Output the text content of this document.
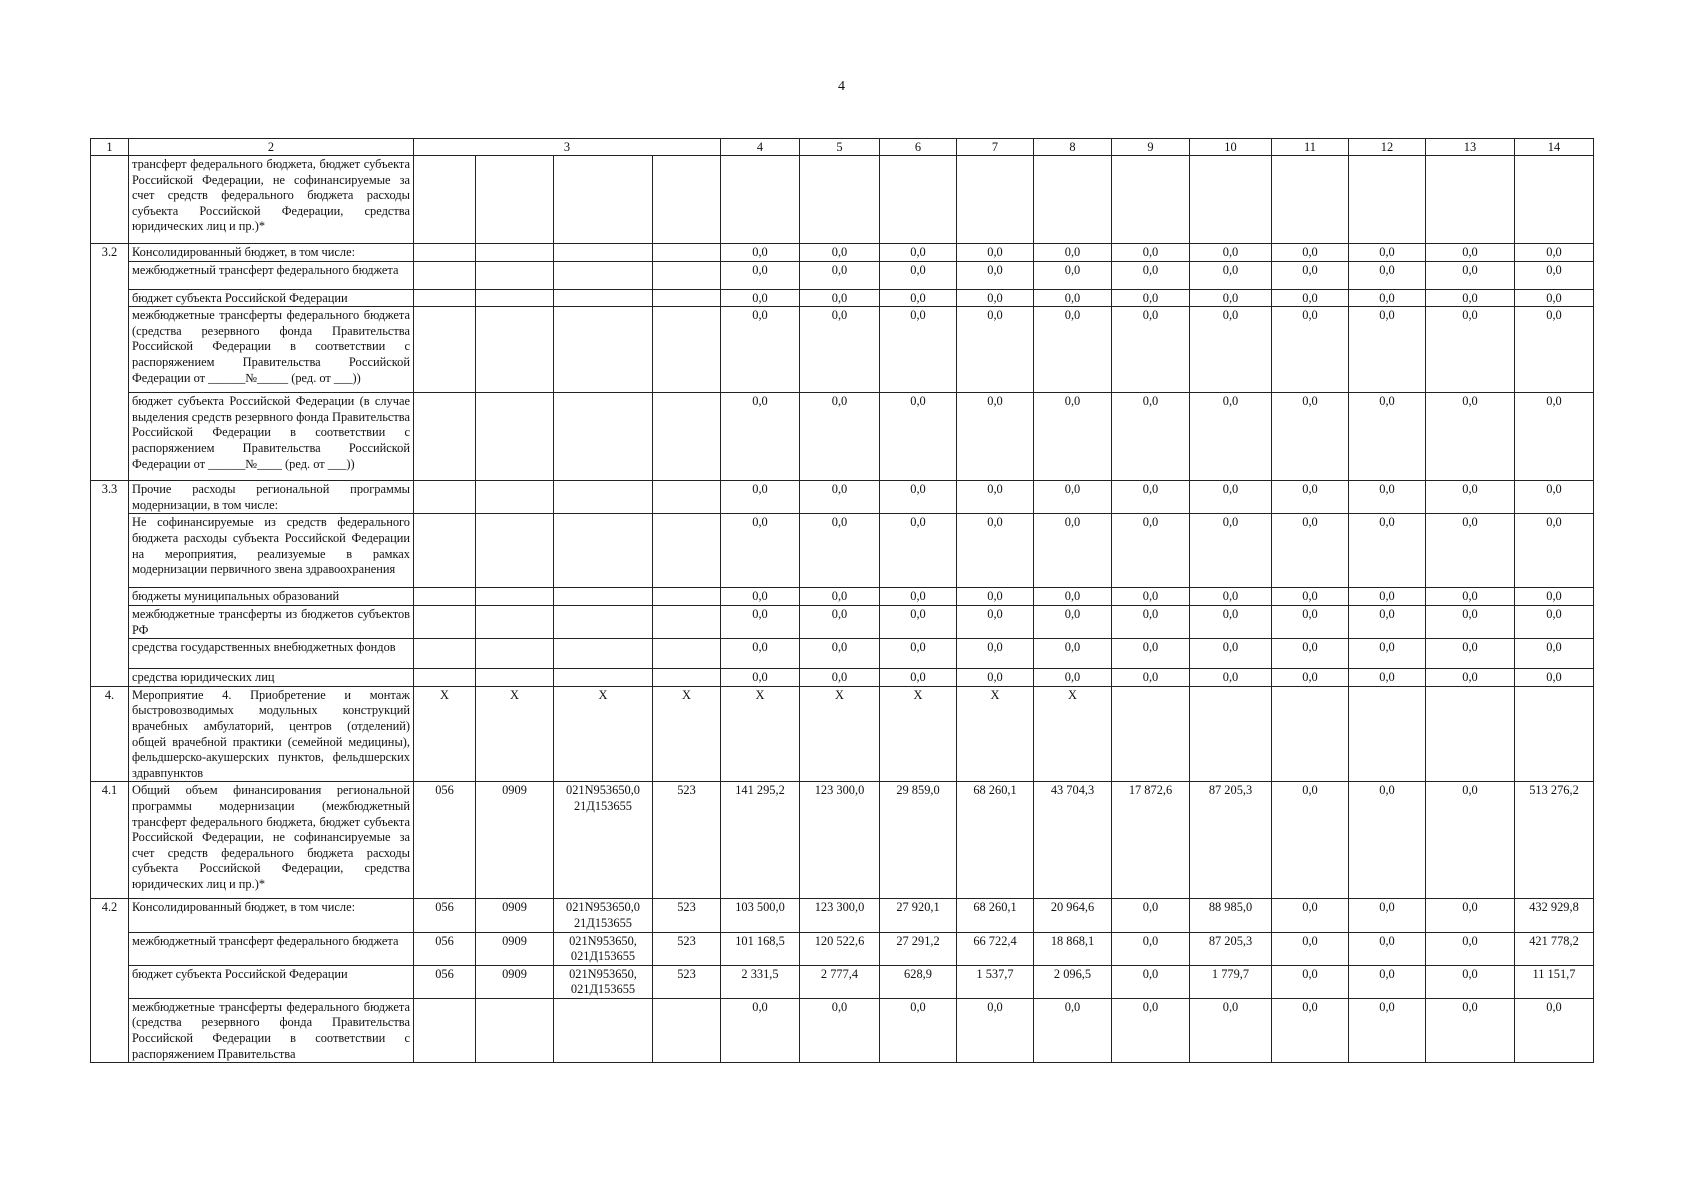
4
1	2	3				4	5	6	7	8	9	10	11	12	13	14
	трансферт федерального бюджета, бюджет субъекта Российской Федерации, не софинансируемые за счет средств федерального бюджета расходы субъекта Российской Федерации, средства юридических лиц и пр.)*															
3.2	Консолидированный бюджет, в том числе:					0,0	0,0	0,0	0,0	0,0	0,0	0,0	0,0	0,0	0,0	0,0
	межбюджетный трансферт федерального бюджета					0,0	0,0	0,0	0,0	0,0	0,0	0,0	0,0	0,0	0,0	0,0
	бюджет субъекта Российской Федерации					0,0	0,0	0,0	0,0	0,0	0,0	0,0	0,0	0,0	0,0	0,0
	межбюджетные трансферты федерального бюджета (средства резервного фонда Правительства Российской Федерации в соответствии с распоряжением Правительства Российской Федерации от ______№_____ (ред. от ___))					0,0	0,0	0,0	0,0	0,0	0,0	0,0	0,0	0,0	0,0	0,0
	бюджет субъекта Российской Федерации (в случае выделения средств резервного фонда Правительства Российской Федерации в соответствии с распоряжением Правительства Российской Федерации от ______№____ (ред. от ___))					0,0	0,0	0,0	0,0	0,0	0,0	0,0	0,0	0,0	0,0	0,0
3.3	Прочие расходы региональной программы модернизации, в том числе:					0,0	0,0	0,0	0,0	0,0	0,0	0,0	0,0	0,0	0,0	0,0
	Не софинансируемые из средств федерального бюджета расходы субъекта Российской Федерации на мероприятия, реализуемые в рамках модернизации первичного звена здравоохранения					0,0	0,0	0,0	0,0	0,0	0,0	0,0	0,0	0,0	0,0	0,0
	бюджеты муниципальных образований					0,0	0,0	0,0	0,0	0,0	0,0	0,0	0,0	0,0	0,0	0,0
	межбюджетные трансферты из бюджетов субъектов РФ					0,0	0,0	0,0	0,0	0,0	0,0	0,0	0,0	0,0	0,0	0,0
	средства государственных внебюджетных фондов					0,0	0,0	0,0	0,0	0,0	0,0	0,0	0,0	0,0	0,0	0,0
	средства юридических лиц					0,0	0,0	0,0	0,0	0,0	0,0	0,0	0,0	0,0	0,0	0,0
4.	Мероприятие 4. Приобретение и монтаж быстровозводимых модульных конструкций врачебных амбулаторий, центров (отделений) общей врачебной практики (семейной медицины), фельдшерско-акушерских пунктов, фельдшерских здравпунктов	X	X	X	X	X	X	X	X	X						
4.1	Общий объем финансирования региональной программы модернизации (межбюджетный трансферт федерального бюджета, бюджет субъекта Российской Федерации, не софинансируемые за счет средств федерального бюджета расходы субъекта Российской Федерации, средства юридических лиц и пр.)*	056	0909	021N953650,0 21Д153655	523	141 295,2	123 300,0	29 859,0	68 260,1	43 704,3	17 872,6	87 205,3	0,0	0,0	0,0	513 276,2
4.2	Консолидированный бюджет, в том числе:	056	0909	021N953650,0 21Д153655	523	103 500,0	123 300,0	27 920,1	68 260,1	20 964,6	0,0	88 985,0	0,0	0,0	0,0	432 929,8
	межбюджетный трансферт федерального бюджета	056	0909	021N953650, 021Д153655	523	101 168,5	120 522,6	27 291,2	66 722,4	18 868,1	0,0	87 205,3	0,0	0,0	0,0	421 778,2
	бюджет субъекта Российской Федерации	056	0909	021N953650, 021Д153655	523	2 331,5	2 777,4	628,9	1 537,7	2 096,5	0,0	1 779,7	0,0	0,0	0,0	11 151,7
	межбюджетные трансферты федерального бюджета (средства резервного фонда Правительства Российской Федерации в соответствии с распоряжением Правительства					0,0	0,0	0,0	0,0	0,0	0,0	0,0	0,0	0,0	0,0	0,0
